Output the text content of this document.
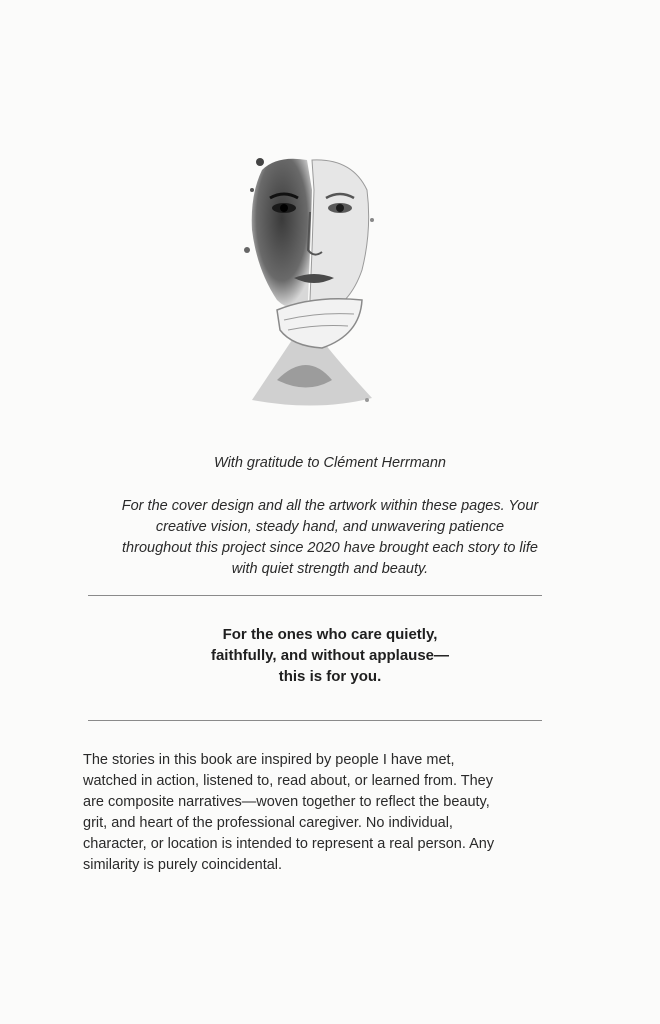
With gratitude to Clément Herrmann
For the cover design and all the artwork within these pages. Your
creative vision, steady hand, and unwavering patience
throughout this project since 2020 have brought each story to life
with quiet strength and beauty.
For the ones who care quietly,
faithfully, and without applause—
this is for you.
The stories in this book are inspired by people I have met,
watched in action, listened to, read about, or learned from. They
are composite narratives—woven together to reflect the beauty,
grit, and heart of the professional caregiver. No individual,
character, or location is intended to represent a real person. Any
similarity is purely coincidental.
